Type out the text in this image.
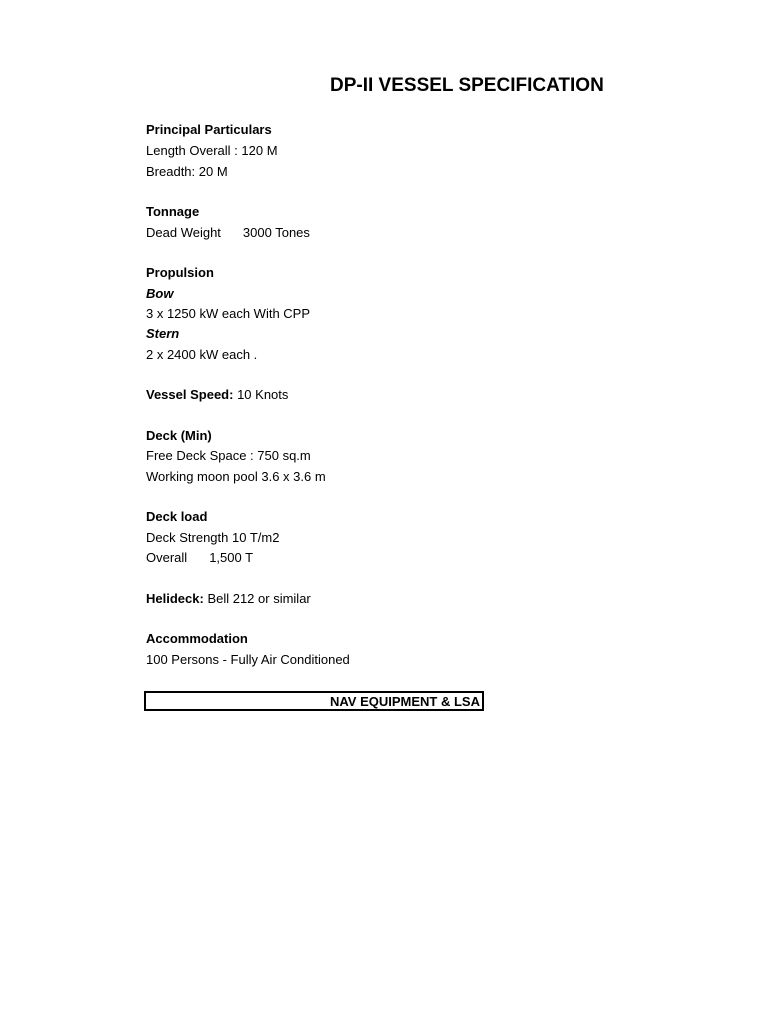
DP-II VESSEL SPECIFICATION
Principal Particulars
Length Overall : 120 M
Breadth: 20 M
Tonnage
Dead Weight 3000 Tones
Propulsion
Bow
3 x 1250 kW each With CPP
Stern
2 x 2400 kW each .
Vessel Speed: 10 Knots
Deck (Min)
Free Deck Space : 750 sq.m
Working moon pool 3.6 x 3.6 m
Deck load
Deck Strength 10 T/m2
Overall 1,500 T
Helideck: Bell 212 or similar
Accommodation
100 Persons - Fully Air Conditioned
NAV EQUIPMENT & LSA
